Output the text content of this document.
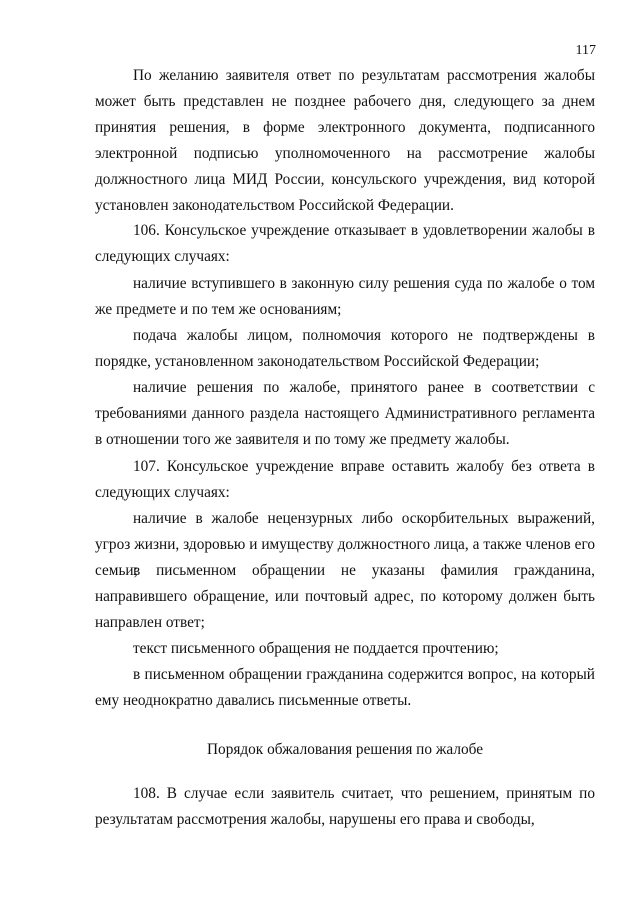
117

По желанию заявителя ответ по результатам рассмотрения жалобы может быть представлен не позднее рабочего дня, следующего за днем принятия решения, в форме электронного документа, подписанного электронной подписью уполномоченного на рассмотрение жалобы должностного лица МИД России, консульского учреждения, вид которой установлен законодательством Российской Федерации.

106. Консульское учреждение отказывает в удовлетворении жалобы в следующих случаях:

наличие вступившего в законную силу решения суда по жалобе о том же предмете и по тем же основаниям;

подача жалобы лицом, полномочия которого не подтверждены в порядке, установленном законодательством Российской Федерации;

наличие решения по жалобе, принятого ранее в соответствии с требованиями данного раздела настоящего Административного регламента в отношении того же заявителя и по тому же предмету жалобы.

107. Консульское учреждение вправе оставить жалобу без ответа в следующих случаях:

наличие в жалобе нецензурных либо оскорбительных выражений, угроз жизни, здоровью и имуществу должностного лица, а также членов его семьи;

в письменном обращении не указаны фамилия гражданина, направившего обращение, или почтовый адрес, по которому должен быть направлен ответ;

текст письменного обращения не поддается прочтению;

в письменном обращении гражданина содержится вопрос, на который ему неоднократно давались письменные ответы.

Порядок обжалования решения по жалобе

108. В случае если заявитель считает, что решением, принятым по результатам рассмотрения жалобы, нарушены его права и свободы,
